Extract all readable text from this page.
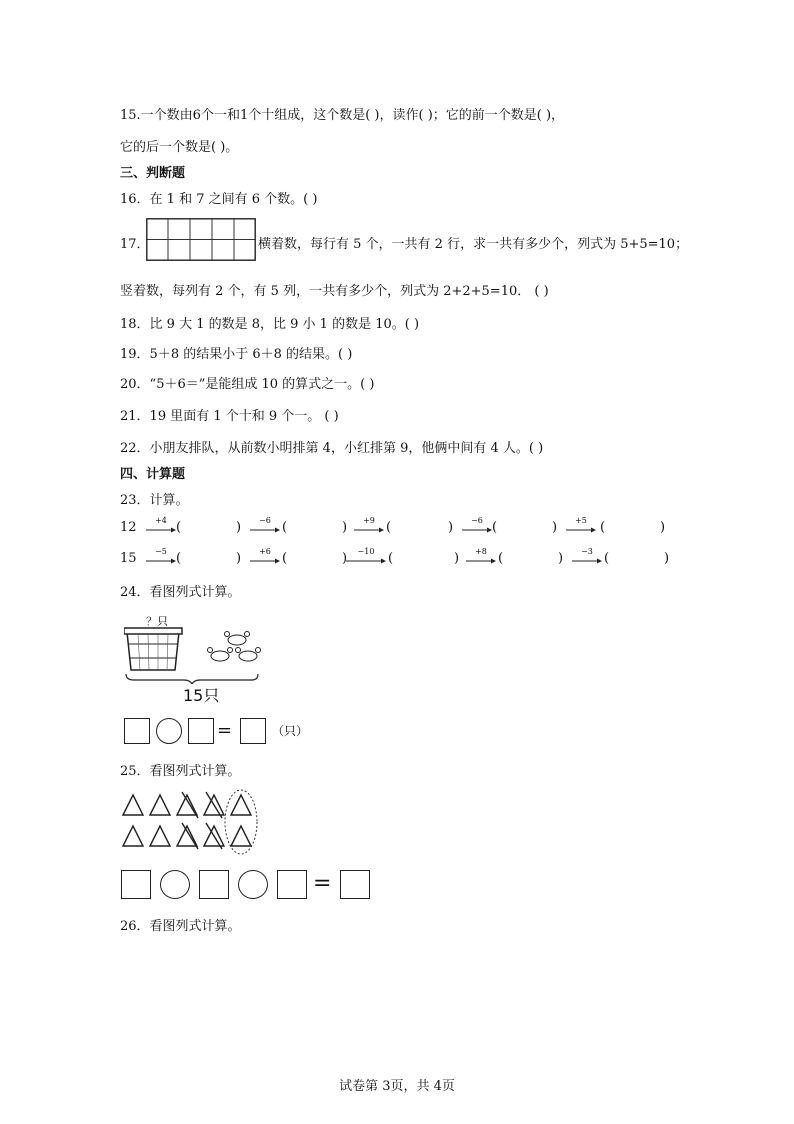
15.一个数由6个一和1个十组成，这个数是( )，读作( )；它的前一个数是( )，
它的后一个数是( )。
三、判断题
16．在 1 和 7 之间有 6 个数。( )
17．	横着数，每行有 5 个，一共有 2 行，求一共有多少个，列式为 5+5=10；
竖着数，每列有 2 个，有 5 列，一共有多少个，列式为 2+2+5=10． ( )
18．比 9 大 1 的数是 8，比 9 小 1 的数是 10。( )
19．5＋8 的结果小于 6＋8 的结果。( )
20．“5＋6＝”是能组成 10 的算式之一。( )
21．19 里面有 1 个十和 9 个一。 ( )
22．小朋友排队，从前数小明排第 4，小红排第 9，他俩中间有 4 人。( )
四、计算题
23．计算。
12	+4 (	)	−6 (	)	+9 (	)	−6 (	)	+5	(	)
15	−5 (	)	+6 (	)	−10	(	)	+8 (	)	−3 (	)
24．看图列式计算。
？只
15只
=	（只）
25．看图列式计算。
=
26．看图列式计算。
试卷第 3页，共 4页
